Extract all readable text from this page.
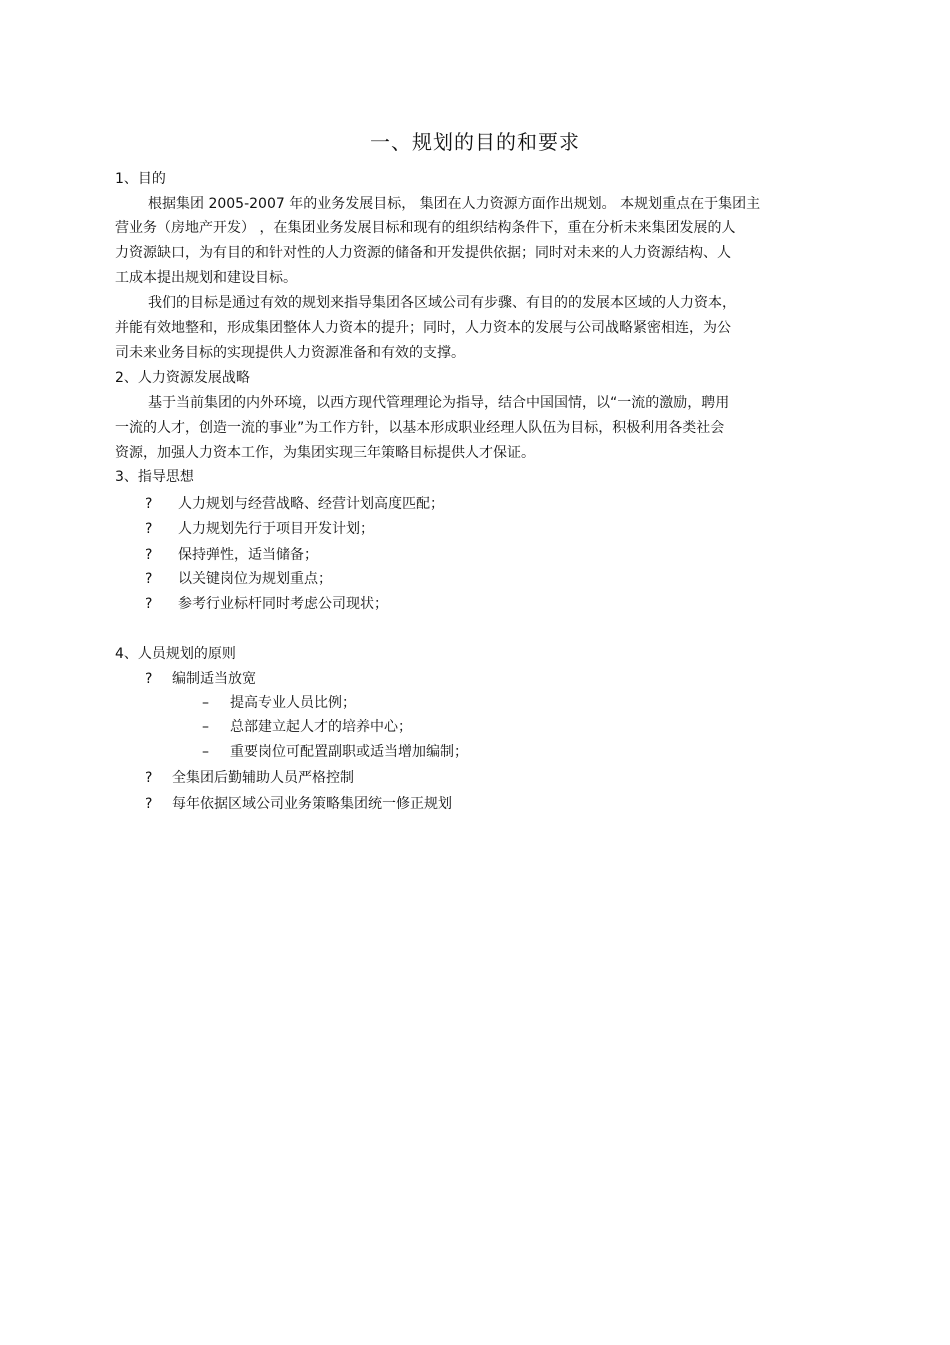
一、规划的目的和要求
1、目的
根据集团 2005-2007 年的业务发展目标， 集团在人力资源方面作出规划。 本规划重点在于集团主
营业务（房地产开发） ，在集团业务发展目标和现有的组织结构条件下，重在分析未来集团发展的人
力资源缺口，为有目的和针对性的人力资源的储备和开发提供依据；同时对未来的人力资源结构、人
工成本提出规划和建设目标。
我们的目标是通过有效的规划来指导集团各区域公司有步骤、有目的的发展本区域的人力资本，
并能有效地整和，形成集团整体人力资本的提升；同时，人力资本的发展与公司战略紧密相连，为公
司未来业务目标的实现提供人力资源准备和有效的支撑。
2、人力资源发展战略
基于当前集团的内外环境，以西方现代管理理论为指导，结合中国国情，以“一流的激励，聘用
一流的人才，创造一流的事业”为工作方针，以基本形成职业经理人队伍为目标，积极利用各类社会
资源，加强人力资本工作，为集团实现三年策略目标提供人才保证。
3、指导思想
? 人力规划与经营战略、经营计划高度匹配；
? 人力规划先行于项目开发计划；
? 保持弹性，适当储备；
? 以关键岗位为规划重点；
? 参考行业标杆同时考虑公司现状；
4、人员规划的原则
? 编制适当放宽
– 提高专业人员比例；
– 总部建立起人才的培养中心；
– 重要岗位可配置副职或适当增加编制；
? 全集团后勤辅助人员严格控制
? 每年依据区域公司业务策略集团统一修正规划
